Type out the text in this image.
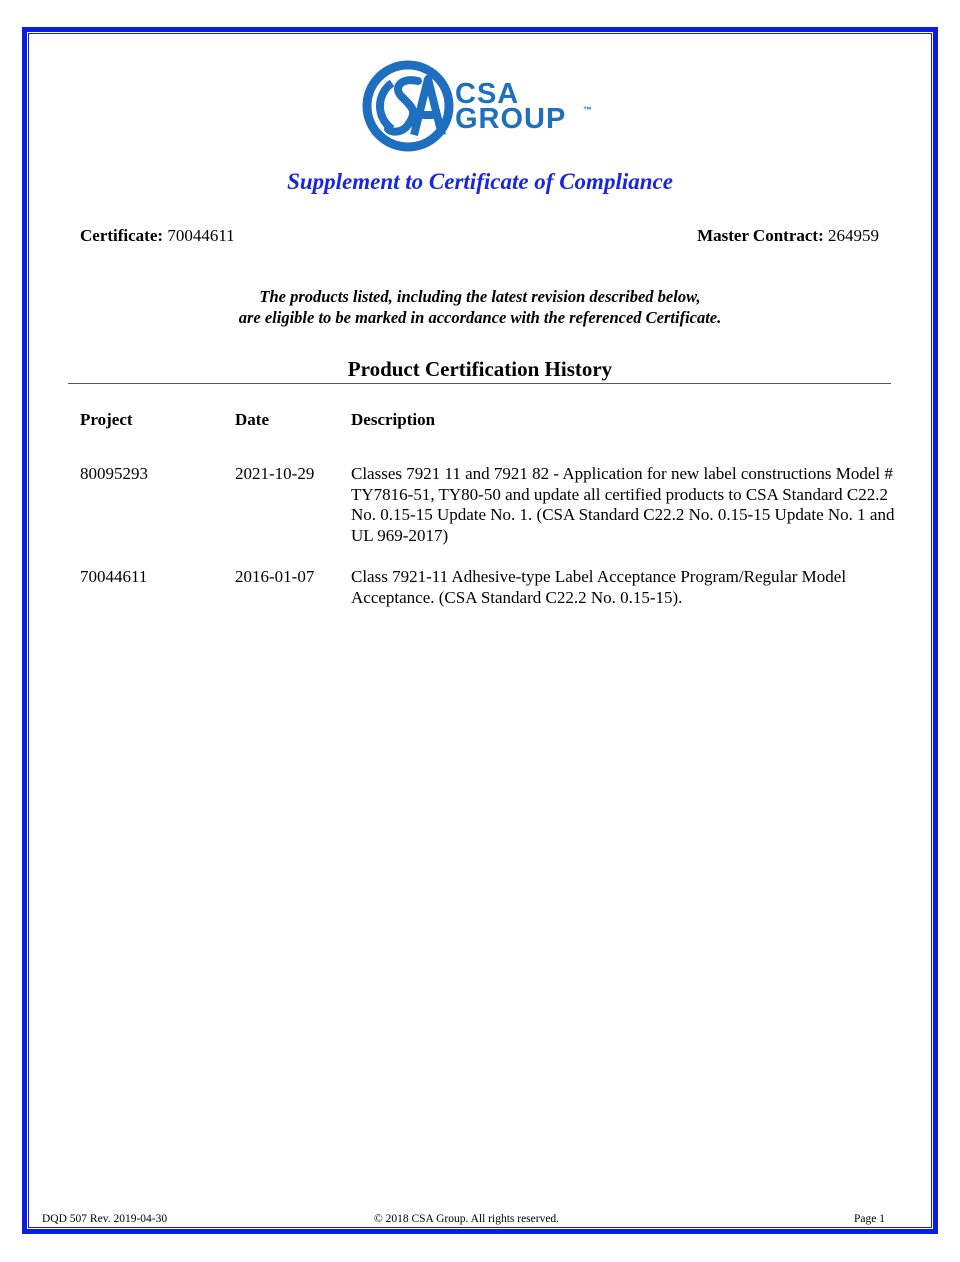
CSA
GROUP ™
Supplement to Certificate of Compliance
Certificate: 70044611	Master Contract: 264959
The products listed, including the latest revision described below,
are eligible to be marked in accordance with the referenced Certificate.
Product Certification History
Project	Date	Description
80095293	2021-10-29 Classes 7921 11 and 7921 82 - Application for new label constructions Model # TY7816-51, TY80-50 and update all certified products to CSA Standard C22.2 No. 0.15-15 Update No. 1. (CSA Standard C22.2 No. 0.15-15 Update No. 1 and UL 969-2017)
70044611	2016-01-07 Class 7921-11 Adhesive-type Label Acceptance Program/Regular Model Acceptance. (CSA Standard C22.2 No. 0.15-15).
DQD 507 Rev. 2019-04-30	© 2018 CSA Group. All rights reserved.	Page 1
